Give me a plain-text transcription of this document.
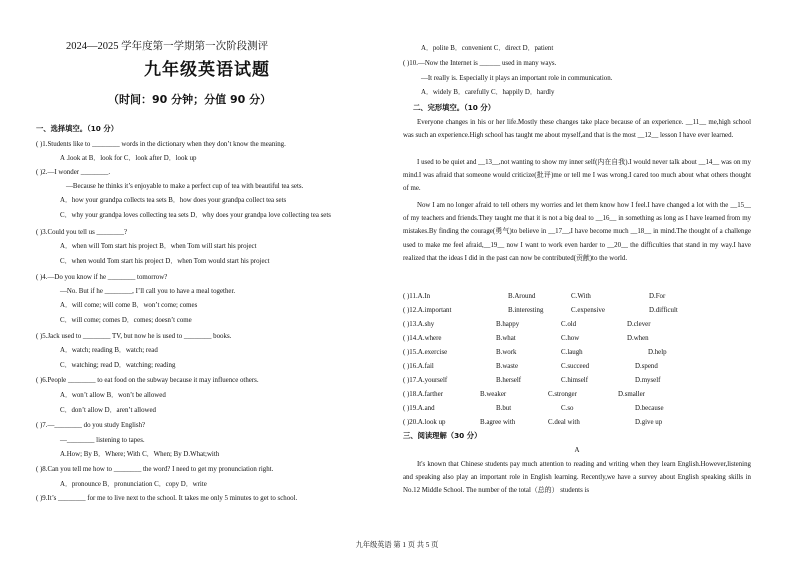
2024—2025 学年度第一学期第一次阶段测评
九年级英语试题
（时间：90 分钟；分值 90 分）
一、选择填空。（10 分）
( )1.Students like to ________ words in the dictionary when they don’t know the meaning.
A .look at B．look for C．look after D．look up
( )2.—I wonder ________.
—Because he thinks it’s enjoyable to make a perfect cup of tea with beautiful tea sets.
A．how your grandpa collects tea sets B．how does your grandpa collect tea sets
C．why your grandpa loves collecting tea sets D．why does your grandpa love collecting tea sets
( )3.Could you tell us ________?
A．when will Tom start his project B．when Tom will start his project
C．when would Tom start his project D．when Tom would start his project
( )4.—Do you know if he ________ tomorrow?
—No. But if he ________, I’ll call you to have a meal together.
A．will come; will come B．won’t come; comes
C．will come; comes D．comes; doesn’t come
( )5.Jack used to ________ TV, but now he is used to ________ books.
A．watch; reading B．watch; read
C．watching; read D．watching; reading
( )6.People ________ to eat food on the subway because it may influence others.
A．won’t allow B．won’t be allowed
C．don’t allow D．aren’t allowed
( )7.—________ do you study English?
—________ listening to tapes.
A.How; By B．Where; With C．When; By D.What;with
( )8.Can you tell me how to ________ the word? I need to get my pronunciation right.
A．pronounce B．pronunciation C．copy D．write
( )9.It’s ________ for me to live next to the school. It takes me only 5 minutes to get to school.
A．polite B．convenient C．direct D．patient
( )10.—Now the Internet is ______ used in many ways.
—It really is. Especially it plays an important role in communication.
A．widely B．carefully C．happily D．hardly
二、完形填空。（10 分）
Everyone changes in his or her life.Mostly these changes take place because of an experience. __11__ me,high school was such an experience.High school has taught me about myself,and that is the most __12__ lesson I have ever learned.
I used to be quiet and __13__,not wanting to show my inner self(内在自我).I would never talk about __14__ was on my mind.I was afraid that someone would criticize(批评)me or tell me I was wrong.I cared too much about what others thought of me.
Now I am no longer afraid to tell others my worries and let them know how I feel.I have changed a lot with the __15__ of my teachers and friends.They taught me that it is not a big deal to __16__ in something as long as I have learned from my mistakes.By finding the courage(勇气)to believe in __17__,I have become much __18__ in mind.The thought of a challenge used to make me feel afraid,__19__ now I want to work even harder to __20__ the difficulties that stand in my way.I have realized that the ideas I did in the past can now be contributed(贡献)to the world.
( )11.A.In	B.Around	C.With	D.For
( )12.A.important	B.interesting	C.expensive	D.difficult
( )13.A.shy	B.happy	C.old	D.clever
( )14.A.where	B.what	C.how	D.when
( )15.A.exercise	B.work	C.laugh	D.help
( )16.A.fail	B.waste	C.succeed	D.spend
( )17.A.yourself	B.herself	C.himself	D.myself
( )18.A.farther	B.weaker	C.stronger	D.smaller
( )19.A.and	B.but	C.so	D.because
( )20.A.look up	B.agree with	C.deal with	D.give up
三、阅读理解（30 分）
A
It's known that Chinese students pay much attention to reading and writing when they learn English.However,listening and speaking also play an important role in English learning. Recently,we have a survey about English speaking skills in No.12 Middle School. The number of the total（总的） students is
九年级英语 第 1 页 共 5 页
